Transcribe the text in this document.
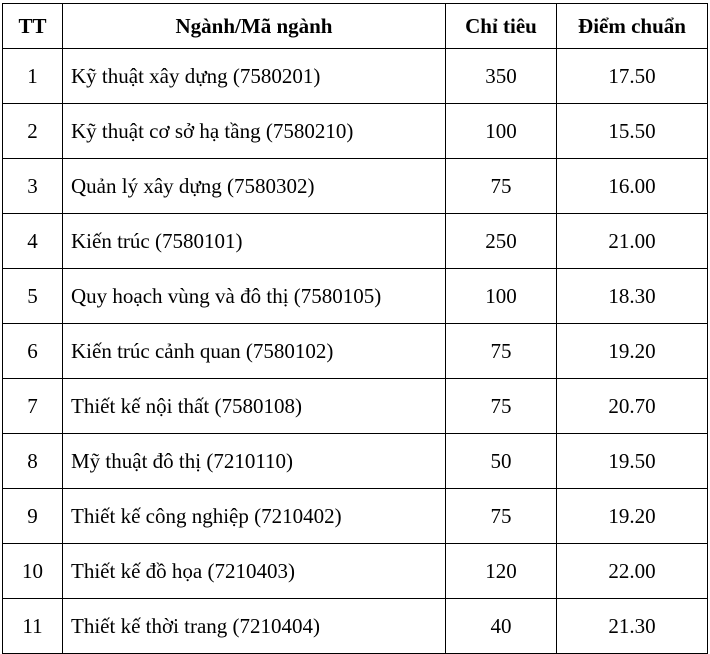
TT	Ngành/Mã ngành	Chỉ tiêu	Điểm chuẩn
1	Kỹ thuật xây dựng (7580201)	350	17.50
2	Kỹ thuật cơ sở hạ tầng (7580210)	100	15.50
3	Quản lý xây dựng (7580302)	75	16.00
4	Kiến trúc (7580101)	250	21.00
5	Quy hoạch vùng và đô thị (7580105)	100	18.30
6	Kiến trúc cảnh quan (7580102)	75	19.20
7	Thiết kế nội thất (7580108)	75	20.70
8	Mỹ thuật đô thị (7210110)	50	19.50
9	Thiết kế công nghiệp (7210402)	75	19.20
10	Thiết kế đồ họa (7210403)	120	22.00
11	Thiết kế thời trang (7210404)	40	21.30
